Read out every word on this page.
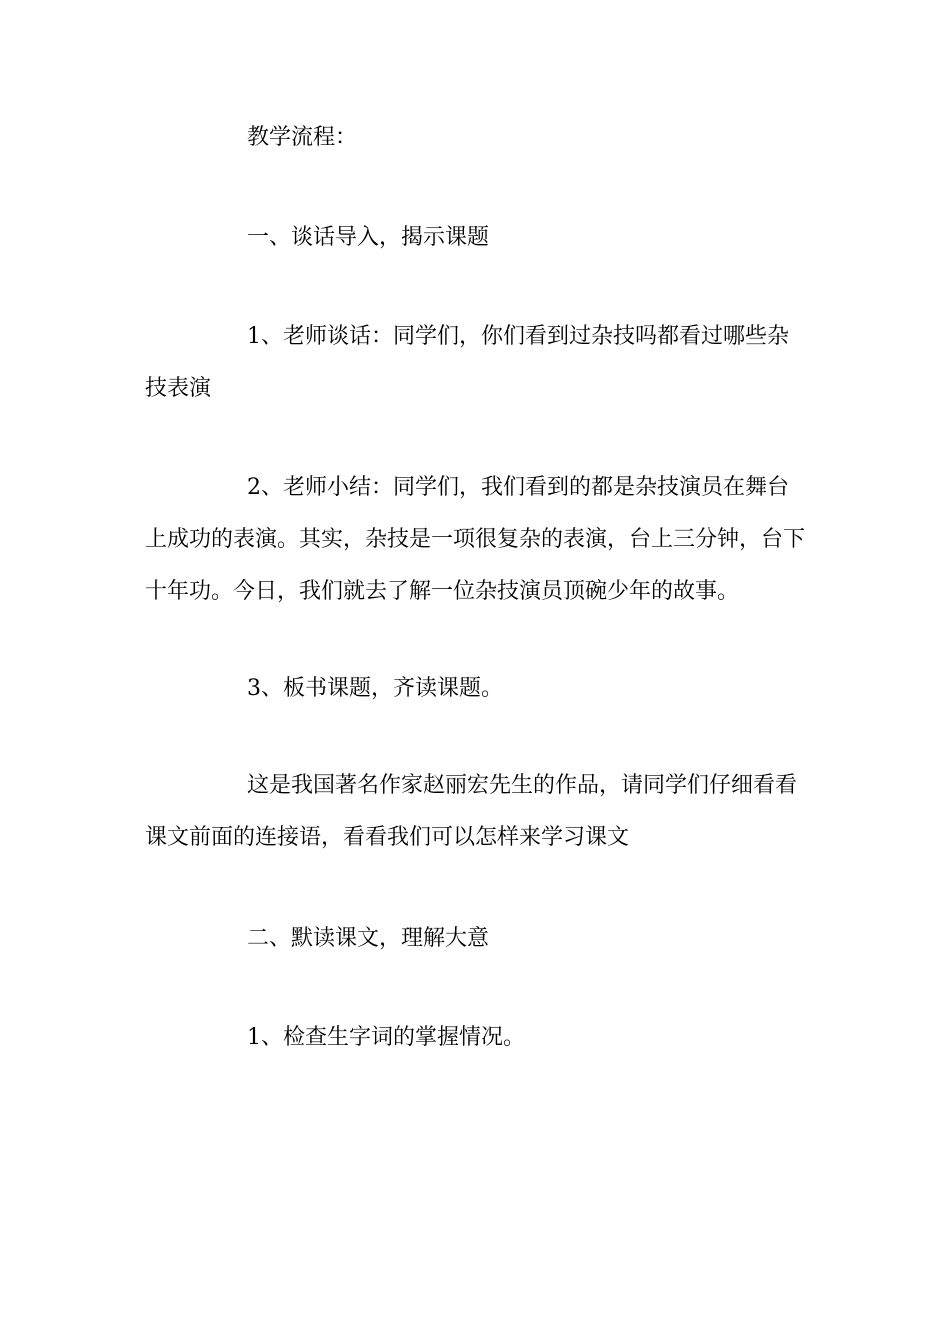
教学流程：

一、谈话导入，揭示课题

1、老师谈话：同学们，你们看到过杂技吗都看过哪些杂技表演

2、老师小结：同学们，我们看到的都是杂技演员在舞台上成功的表演。其实，杂技是一项很复杂的表演，台上三分钟，台下十年功。今日，我们就去了解一位杂技演员顶碗少年的故事。

3、板书课题，齐读课题。

这是我国著名作家赵丽宏先生的作品，请同学们仔细看看课文前面的连接语，看看我们可以怎样来学习课文

二、默读课文，理解大意

1、检查生字词的掌握情况。
